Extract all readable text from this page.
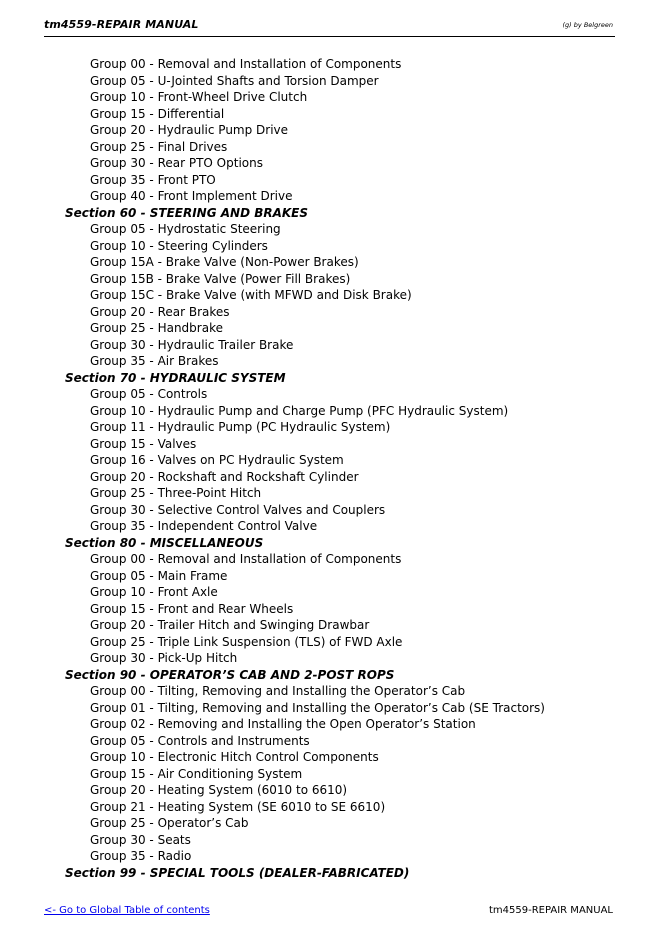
tm4559-REPAIR MANUAL	(g) by Belgreen
Group 00 - Removal and Installation of Components
Group 05 - U-Jointed Shafts and Torsion Damper
Group 10 - Front-Wheel Drive Clutch
Group 15 - Differential
Group 20 - Hydraulic Pump Drive
Group 25 - Final Drives
Group 30 - Rear PTO Options
Group 35 - Front PTO
Group 40 - Front Implement Drive
Section 60 - STEERING AND BRAKES
Group 05 - Hydrostatic Steering
Group 10 - Steering Cylinders
Group 15A - Brake Valve (Non-Power Brakes)
Group 15B - Brake Valve (Power Fill Brakes)
Group 15C - Brake Valve (with MFWD and Disk Brake)
Group 20 - Rear Brakes
Group 25 - Handbrake
Group 30 - Hydraulic Trailer Brake
Group 35 - Air Brakes
Section 70 - HYDRAULIC SYSTEM
Group 05 - Controls
Group 10 - Hydraulic Pump and Charge Pump (PFC Hydraulic System)
Group 11 - Hydraulic Pump (PC Hydraulic System)
Group 15 - Valves
Group 16 - Valves on PC Hydraulic System
Group 20 - Rockshaft and Rockshaft Cylinder
Group 25 - Three-Point Hitch
Group 30 - Selective Control Valves and Couplers
Group 35 - Independent Control Valve
Section 80 - MISCELLANEOUS
Group 00 - Removal and Installation of Components
Group 05 - Main Frame
Group 10 - Front Axle
Group 15 - Front and Rear Wheels
Group 20 - Trailer Hitch and Swinging Drawbar
Group 25 - Triple Link Suspension (TLS) of FWD Axle
Group 30 - Pick-Up Hitch
Section 90 - OPERATOR’S CAB AND 2-POST ROPS
Group 00 - Tilting, Removing and Installing the Operator’s Cab
Group 01 - Tilting, Removing and Installing the Operator’s Cab (SE Tractors)
Group 02 - Removing and Installing the Open Operator’s Station
Group 05 - Controls and Instruments
Group 10 - Electronic Hitch Control Components
Group 15 - Air Conditioning System
Group 20 - Heating System (6010 to 6610)
Group 21 - Heating System (SE 6010 to SE 6610)
Group 25 - Operator’s Cab
Group 30 - Seats
Group 35 - Radio
Section 99 - SPECIAL TOOLS (DEALER-FABRICATED)
<- Go to Global Table of contents	tm4559-REPAIR MANUAL
